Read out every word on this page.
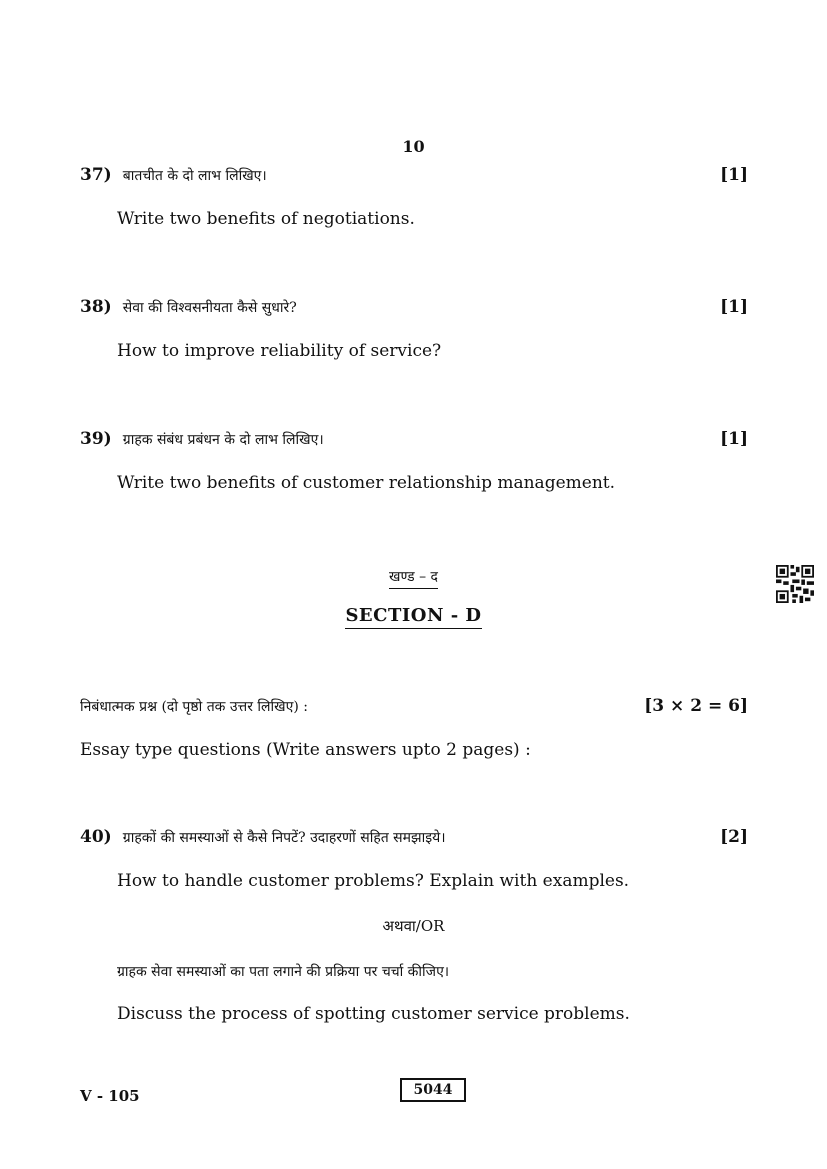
10
37) बातचीत के दो लाभ लिखिए।	[1]
Write two benefits of negotiations.
38) सेवा की विश्वसनीयता कैसे सुधारे?	[1]
How to improve reliability of service?
39) ग्राहक संबंध प्रबंधन के दो लाभ लिखिए।	[1]
Write two benefits of customer relationship management.
खण्ड – द
SECTION - D
निबंधात्मक प्रश्न (दो पृष्ठो तक उत्तर लिखिए) :	[3 × 2 = 6]
Essay type questions (Write answers upto 2 pages) :
40) ग्राहकों की समस्याओं से कैसे निपटें? उदाहरणों सहित समझाइये।	[2]
How to handle customer problems? Explain with examples.
अथवा/OR
ग्राहक सेवा समस्याओं का पता लगाने की प्रक्रिया पर चर्चा कीजिए।
Discuss the process of spotting customer service problems.
V - 105	5044
